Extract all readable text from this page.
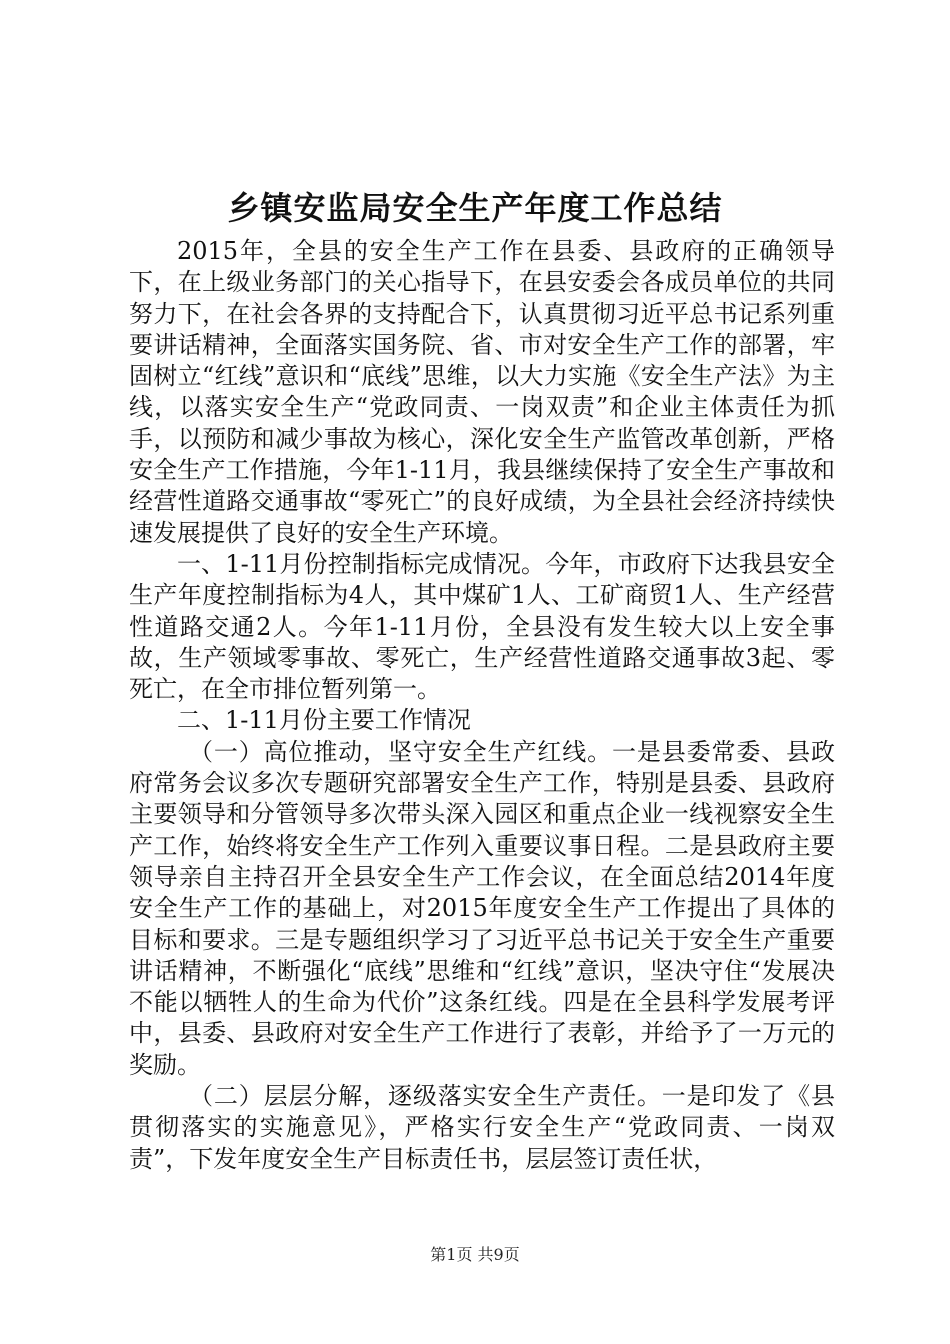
乡镇安监局安全生产年度工作总结

2015年，全县的安全生产工作在县委、县政府的正确领导下，在上级业务部门的关心指导下，在县安委会各成员单位的共同努力下，在社会各界的支持配合下，认真贯彻习近平总书记系列重要讲话精神，全面落实国务院、省、市对安全生产工作的部署，牢固树立“红线”意识和“底线”思维，以大力实施《安全生产法》为主线，以落实安全生产“党政同责、一岗双责”和企业主体责任为抓手，以预防和减少事故为核心，深化安全生产监管改革创新，严格安全生产工作措施，今年1-11月，我县继续保持了安全生产事故和经营性道路交通事故“零死亡”的良好成绩，为全县社会经济持续快速发展提供了良好的安全生产环境。

一、1-11月份控制指标完成情况。今年，市政府下达我县安全生产年度控制指标为4人，其中煤矿1人、工矿商贸1人、生产经营性道路交通2人。今年1-11月份，全县没有发生较大以上安全事故，生产领域零事故、零死亡，生产经营性道路交通事故3起、零死亡，在全市排位暂列第一。

二、1-11月份主要工作情况

（一）高位推动，坚守安全生产红线。一是县委常委、县政府常务会议多次专题研究部署安全生产工作，特别是县委、县政府主要领导和分管领导多次带头深入园区和重点企业一线视察安全生产工作，始终将安全生产工作列入重要议事日程。二是县政府主要领导亲自主持召开全县安全生产工作会议，在全面总结2014年度安全生产工作的基础上，对2015年度安全生产工作提出了具体的目标和要求。三是专题组织学习了习近平总书记关于安全生产重要讲话精神，不断强化“底线”思维和“红线”意识，坚决守住“发展决不能以牺牲人的生命为代价”这条红线。四是在全县科学发展考评中，县委、县政府对安全生产工作进行了表彰，并给予了一万元的奖励。

（二）层层分解，逐级落实安全生产责任。一是印发了《县贯彻落实的实施意见》，严格实行安全生产“党政同责、一岗双责”，下发年度安全生产目标责任书，层层签订责任状，

第1页 共9页
